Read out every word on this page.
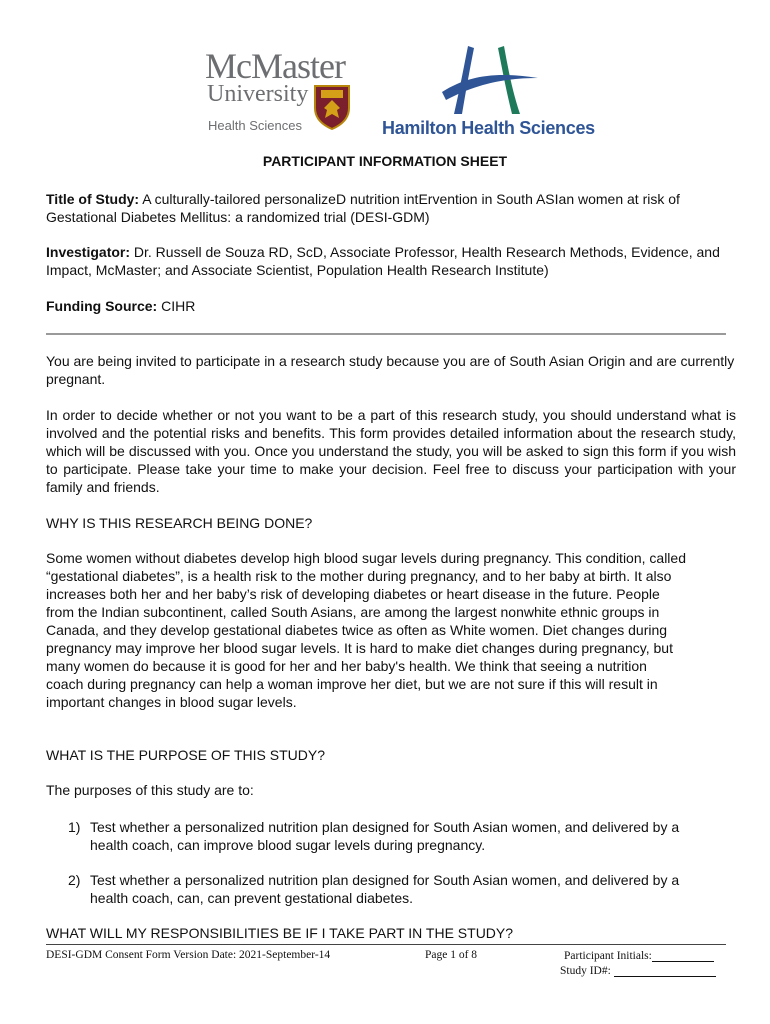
McMaster
University
Health Sciences	Hamilton Health Sciences
PARTICIPANT INFORMATION SHEET
Title of Study: A culturally-tailored personalizeD nutrition intErvention in South ASIan women at risk of Gestational Diabetes Mellitus: a randomized trial (DESI-GDM)
Investigator: Dr. Russell de Souza RD, ScD, Associate Professor, Health Research Methods, Evidence, and Impact, McMaster; and Associate Scientist, Population Health Research Institute)
Funding Source: CIHR
You are being invited to participate in a research study because you are of South Asian Origin and are currently pregnant.
In order to decide whether or not you want to be a part of this research study, you should understand what is involved and the potential risks and benefits. This form provides detailed information about the research study, which will be discussed with you. Once you understand the study, you will be asked to sign this form if you wish to participate. Please take your time to make your decision. Feel free to discuss your participation with your family and friends.
WHY IS THIS RESEARCH BEING DONE?
Some women without diabetes develop high blood sugar levels during pregnancy. This condition, called “gestational diabetes”, is a health risk to the mother during pregnancy, and to her baby at birth. It also increases both her and her baby’s risk of developing diabetes or heart disease in the future. People from the Indian subcontinent, called South Asians, are among the largest nonwhite ethnic groups in Canada, and they develop gestational diabetes twice as often as White women. Diet changes during pregnancy may improve her blood sugar levels. It is hard to make diet changes during pregnancy, but many women do because it is good for her and her baby's health. We think that seeing a nutrition coach during pregnancy can help a woman improve her diet, but we are not sure if this will result in important changes in blood sugar levels.
WHAT IS THE PURPOSE OF THIS STUDY?
The purposes of this study are to:
1) Test whether a personalized nutrition plan designed for South Asian women, and delivered by a health coach, can improve blood sugar levels during pregnancy.
2) Test whether a personalized nutrition plan designed for South Asian women, and delivered by a health coach, can, can prevent gestational diabetes.
WHAT WILL MY RESPONSIBILITIES BE IF I TAKE PART IN THE STUDY?
DESI-GDM Consent Form Version Date: 2021-September-14	Page 1 of 8	Participant Initials:
Study ID#:
